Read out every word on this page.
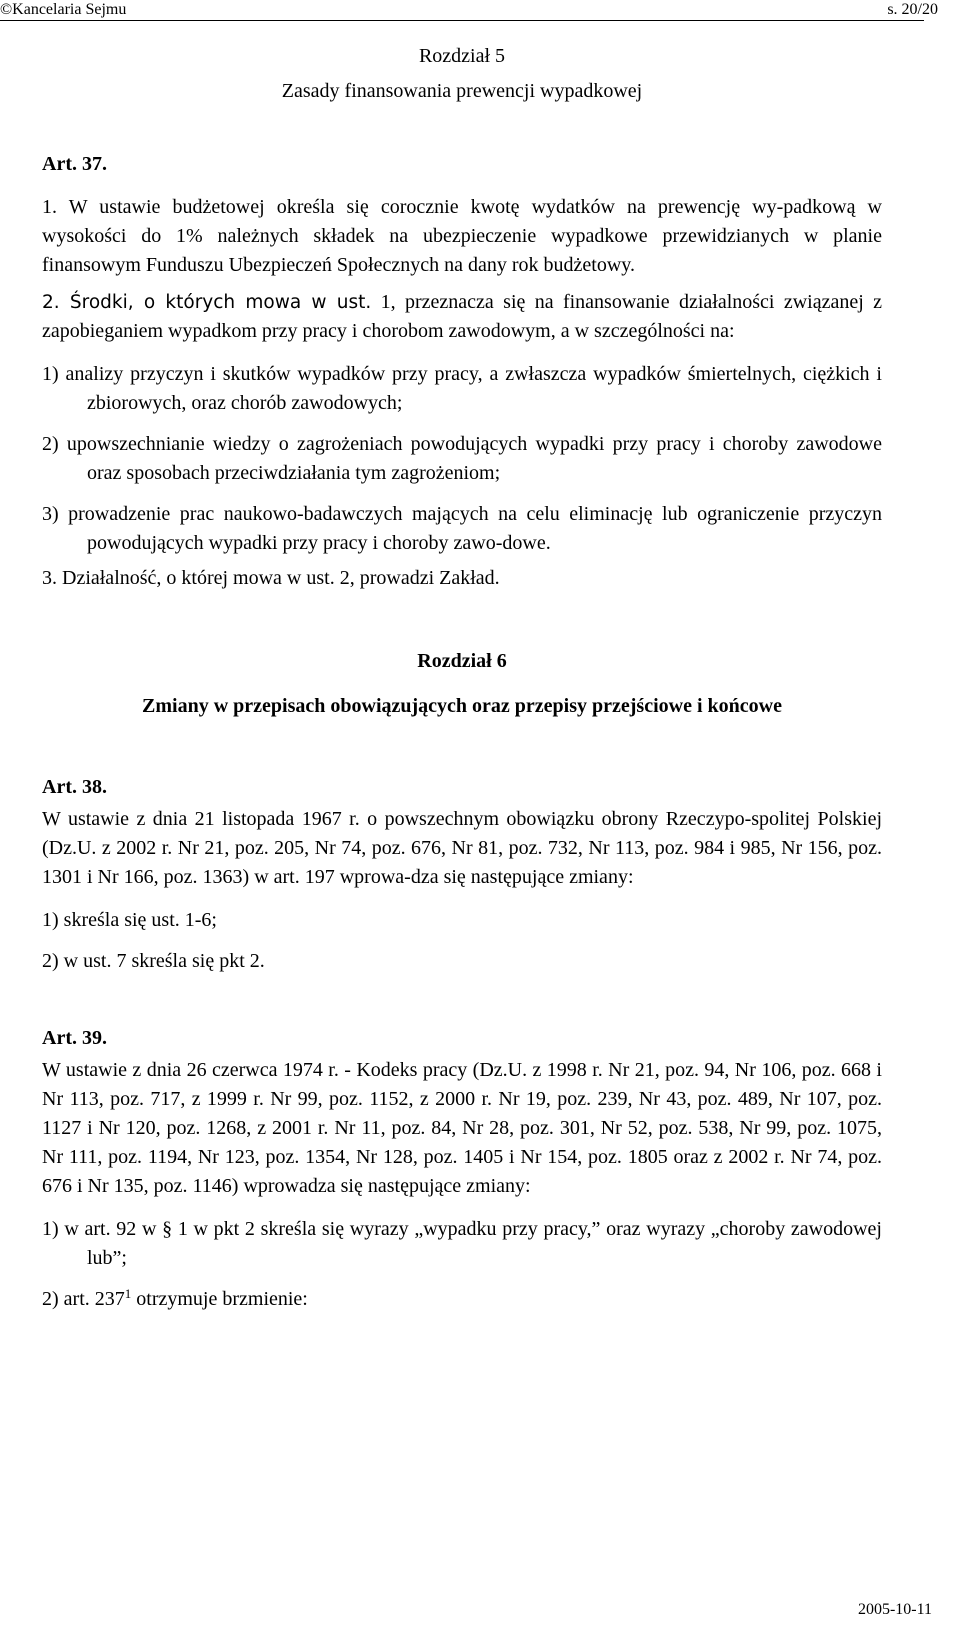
©Kancelaria Sejmu	s. 20/20

Rozdział 5

Zasady finansowania prewencji wypadkowej

Art. 37.

1. W ustawie budżetowej określa się corocznie kwotę wydatków na prewencję wy-padkową w wysokości do 1% należnych składek na ubezpieczenie wypadkowe przewidzianych w planie finansowym Funduszu Ubezpieczeń Społecznych na dany rok budżetowy.

2. Środki, o których mowa w ust. 1, przeznacza się na finansowanie działalności związanej z zapobieganiem wypadkom przy pracy i chorobom zawodowym, a w szczególności na:

1) analizy przyczyn i skutków wypadków przy pracy, a zwłaszcza wypadków śmiertelnych, ciężkich i zbiorowych, oraz chorób zawodowych;

2) upowszechnianie wiedzy o zagrożeniach powodujących wypadki przy pracy i choroby zawodowe oraz sposobach przeciwdziałania tym zagrożeniom;

3) prowadzenie prac naukowo-badawczych mających na celu eliminację lub ograniczenie przyczyn powodujących wypadki przy pracy i choroby zawo-dowe.

3. Działalność, o której mowa w ust. 2, prowadzi Zakład.

Rozdział 6

Zmiany w przepisach obowiązujących oraz przepisy przejściowe i końcowe

Art. 38.

W ustawie z dnia 21 listopada 1967 r. o powszechnym obowiązku obrony Rzeczypo-spolitej Polskiej (Dz.U. z 2002 r. Nr 21, poz. 205, Nr 74, poz. 676, Nr 81, poz. 732, Nr 113, poz. 984 i 985, Nr 156, poz. 1301 i Nr 166, poz. 1363) w art. 197 wprowa-dza się następujące zmiany:

1) skreśla się ust. 1-6;

2) w ust. 7 skreśla się pkt 2.

Art. 39.

W ustawie z dnia 26 czerwca 1974 r. - Kodeks pracy (Dz.U. z 1998 r. Nr 21, poz. 94, Nr 106, poz. 668 i Nr 113, poz. 717, z 1999 r. Nr 99, poz. 1152, z 2000 r. Nr 19, poz. 239, Nr 43, poz. 489, Nr 107, poz. 1127 i Nr 120, poz. 1268, z 2001 r. Nr 11, poz. 84, Nr 28, poz. 301, Nr 52, poz. 538, Nr 99, poz. 1075, Nr 111, poz. 1194, Nr 123, poz. 1354, Nr 128, poz. 1405 i Nr 154, poz. 1805 oraz z 2002 r. Nr 74, poz. 676 i Nr 135, poz. 1146) wprowadza się następujące zmiany:

1) w art. 92 w § 1 w pkt 2 skreśla się wyrazy „wypadku przy pracy,” oraz wyrazy „choroby zawodowej lub”;

2) art. $237^1$ otrzymuje brzmienie:

2005-10-11
